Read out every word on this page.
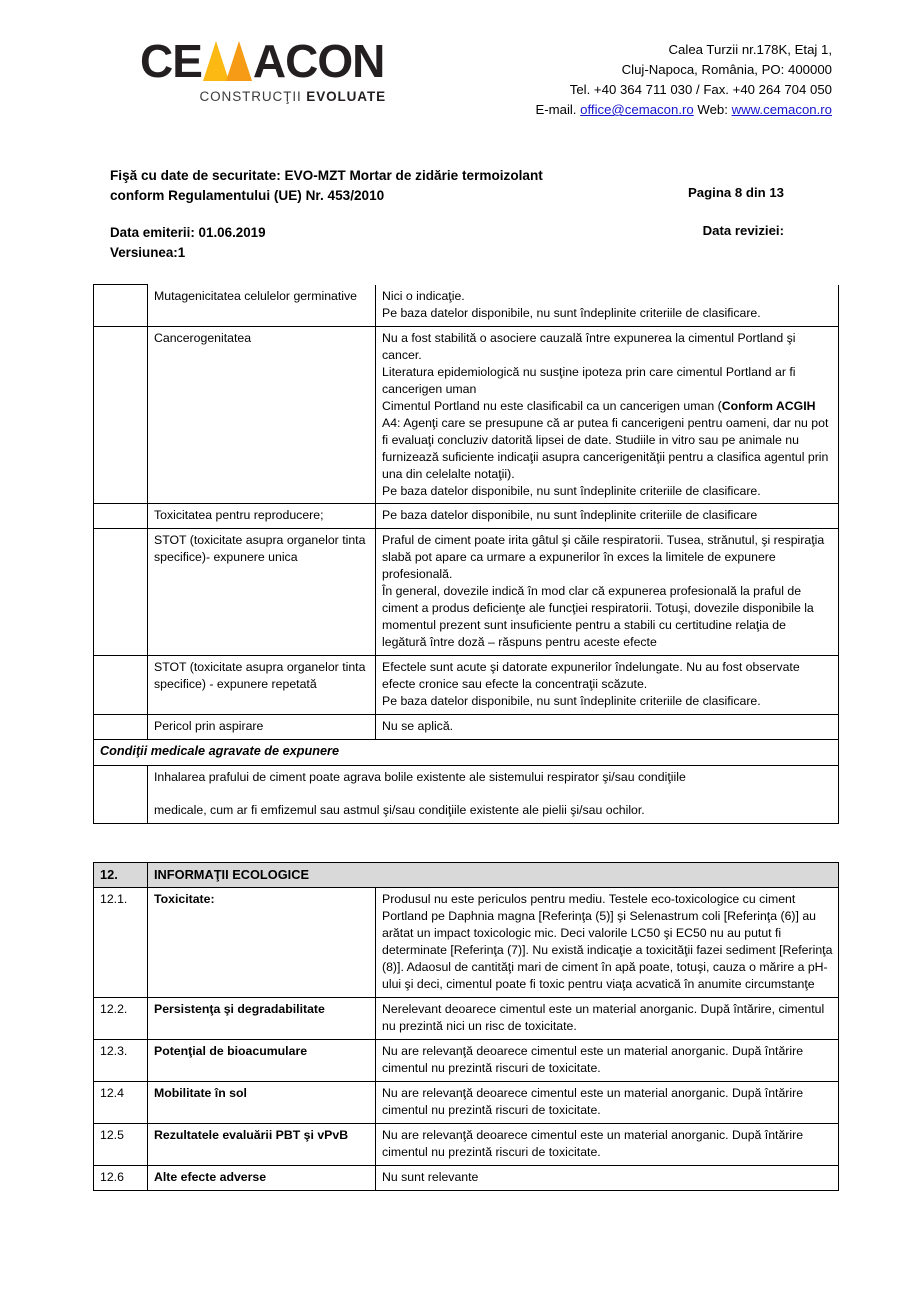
CE ACON
CONSTRUCŢII EVOLUATE
Calea Turzii nr.178K, Etaj 1,
Cluj-Napoca, România, PO: 400000
Tel. +40 364 711 030 / Fax. +40 264 704 050
E-mail. office@cemacon.ro Web: www.cemacon.ro
Fişă cu date de securitate: EVO-MZT Mortar de zidărie termoizolant
conform Regulamentului (UE) Nr. 453/2010	Pagina 8 din 13
Data emiterii: 01.06.2019
Versiunea:1
Data reviziei:
	Mutagenicitatea celulelor germinative	Nici o indicaţie.

Pe baza datelor disponibile, nu sunt îndeplinite criteriile de clasificare.

	Cancerogenitatea	Nu a fost stabilită o asociere cauzală între expunerea la cimentul Portland şi cancer.

Literatura epidemiologică nu susţine ipoteza prin care cimentul Portland ar fi cancerigen uman

Cimentul Portland nu este clasificabil ca un cancerigen uman (Conform ACGIH A4: Agenţi care se presupune că ar putea fi cancerigeni pentru oameni, dar nu pot fi evaluaţi concluziv datorită lipsei de date. Studiile in vitro sau pe animale nu furnizează suficiente indicaţii asupra cancerigenităţii pentru a clasifica agentul prin una din celelalte notaţii).

Pe baza datelor disponibile, nu sunt îndeplinite criteriile de clasificare.

	Toxicitatea pentru reproducere;	Pe baza datelor disponibile, nu sunt îndeplinite criteriile de clasificare

	STOT (toxicitate asupra organelor tinta specifice)- expunere unica	Praful de ciment poate irita gâtul şi căile respiratorii. Tusea, strănutul, şi respiraţia slabă pot apare ca urmare a expunerilor în exces la limitele de expunere profesională.

În general, dovezile indică în mod clar că expunerea profesională la praful de ciment a produs deficienţe ale funcţiei respiratorii. Totuşi, dovezile disponibile la momentul prezent sunt insuficiente pentru a stabili cu certitudine relaţia de legătură între doză – răspuns pentru aceste efecte

	STOT (toxicitate asupra organelor tinta specifice) - expunere repetată	Efectele sunt acute şi datorate expunerilor îndelungate. Nu au fost observate efecte cronice sau efecte la concentraţii scăzute.

Pe baza datelor disponibile, nu sunt îndeplinite criteriile de clasificare.

	Pericol prin aspirare	Nu se aplică.

Condiţii medicale agravate de expunere		

	Inhalarea prafului de ciment poate agrava bolile existente ale sistemului respirator şi/sau condiţiile

medicale, cum ar fi emfizemul sau astmul şi/sau condiţiile existente ale pielii şi/sau ochilor.	

12.	INFORMAŢII ECOLOGICE	
12.1.	Toxicitate:	Produsul nu este periculos pentru mediu. Testele eco-toxicologice cu ciment Portland pe Daphnia magna [Referinţa (5)] şi Selenastrum coli [Referinţa (6)] au arătat un impact toxicologic mic. Deci valorile LC50 şi EC50 nu au putut fi determinate [Referinţa (7)]. Nu există indicaţie a toxicităţii fazei sediment [Referinţa (8)]. Adaosul de cantităţi mari de ciment în apă poate, totuşi, cauza o mărire a pH-ului şi deci, cimentul poate fi toxic pentru viaţa acvatică în anumite circumstanţe
12.2.	Persistenţa şi degradabilitate	Nerelevant deoarece cimentul este un material anorganic. După întărire, cimentul nu prezintă nici un risc de toxicitate.
12.3.	Potenţial de bioacumulare	Nu are relevanţă deoarece cimentul este un material anorganic. După întărire cimentul nu prezintă riscuri de toxicitate.
12.4	Mobilitate în sol	Nu are relevanţă deoarece cimentul este un material anorganic. După întărire cimentul nu prezintă riscuri de toxicitate.
12.5	Rezultatele evaluării PBT şi vPvB	Nu are relevanţă deoarece cimentul este un material anorganic. După întărire cimentul nu prezintă riscuri de toxicitate.
12.6	Alte efecte adverse	Nu sunt relevante
